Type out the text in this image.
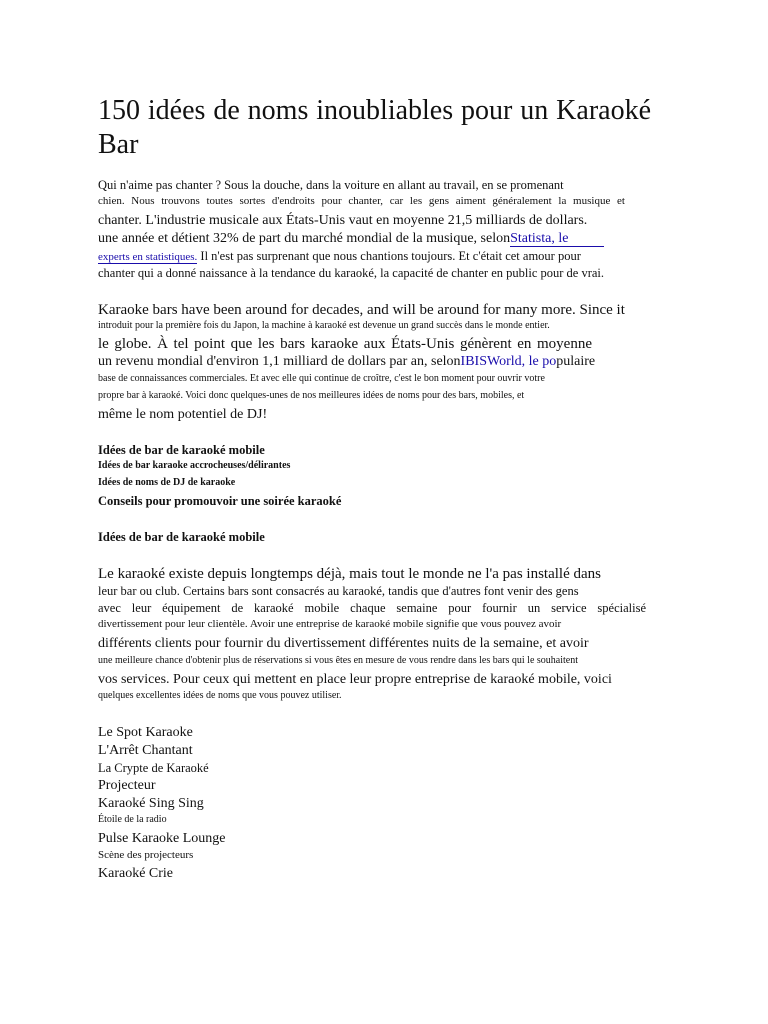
150 idées de noms inoubliables pour un Karaoké Bar
Qui n'aime pas chanter ? Sous la douche, dans la voiture en allant au travail, en se promenant
chien. Nous trouvons toutes sortes d'endroits pour chanter, car les gens aiment généralement la musique et
chanter. L'industrie musicale aux États-Unis vaut en moyenne 21,5 milliards de dollars.
une année et détient 32% de part du marché mondial de la musique, selonStatista, le
experts en statistiques. Il n'est pas surprenant que nous chantions toujours. Et c'était cet amour pour
chanter qui a donné naissance à la tendance du karaoké, la capacité de chanter en public pour de vrai.
Karaoke bars have been around for decades, and will be around for many more. Since it
introduit pour la première fois du Japon, la machine à karaoké est devenue un grand succès dans le monde entier.
le globe. À tel point que les bars karaoke aux États-Unis génèrent en moyenne
un revenu mondial d'environ 1,1 milliard de dollars par an, selonIBISWorld, le populaire
base de connaissances commerciales. Et avec elle qui continue de croître, c'est le bon moment pour ouvrir votre
propre bar à karaoké. Voici donc quelques-unes de nos meilleures idées de noms pour des bars, mobiles, et
même le nom potentiel de DJ!
Idées de bar de karaoké mobile
Idées de bar karaoke accrocheuses/délirantes
Idées de noms de DJ de karaoke
Conseils pour promouvoir une soirée karaoké
Idées de bar de karaoké mobile
Le karaoké existe depuis longtemps déjà, mais tout le monde ne l'a pas installé dans
leur bar ou club. Certains bars sont consacrés au karaoké, tandis que d'autres font venir des gens
avec leur équipement de karaoké mobile chaque semaine pour fournir un service spécialisé
divertissement pour leur clientèle. Avoir une entreprise de karaoké mobile signifie que vous pouvez avoir
différents clients pour fournir du divertissement différentes nuits de la semaine, et avoir
une meilleure chance d'obtenir plus de réservations si vous êtes en mesure de vous rendre dans les bars qui le souhaitent
vos services. Pour ceux qui mettent en place leur propre entreprise de karaoké mobile, voici
quelques excellentes idées de noms que vous pouvez utiliser.
Le Spot Karaoke
L'Arrêt Chantant
La Crypte de Karaoké
Projecteur
Karaoké Sing Sing
Étoile de la radio
Pulse Karaoke Lounge
Scène des projecteurs
Karaoké Crie
